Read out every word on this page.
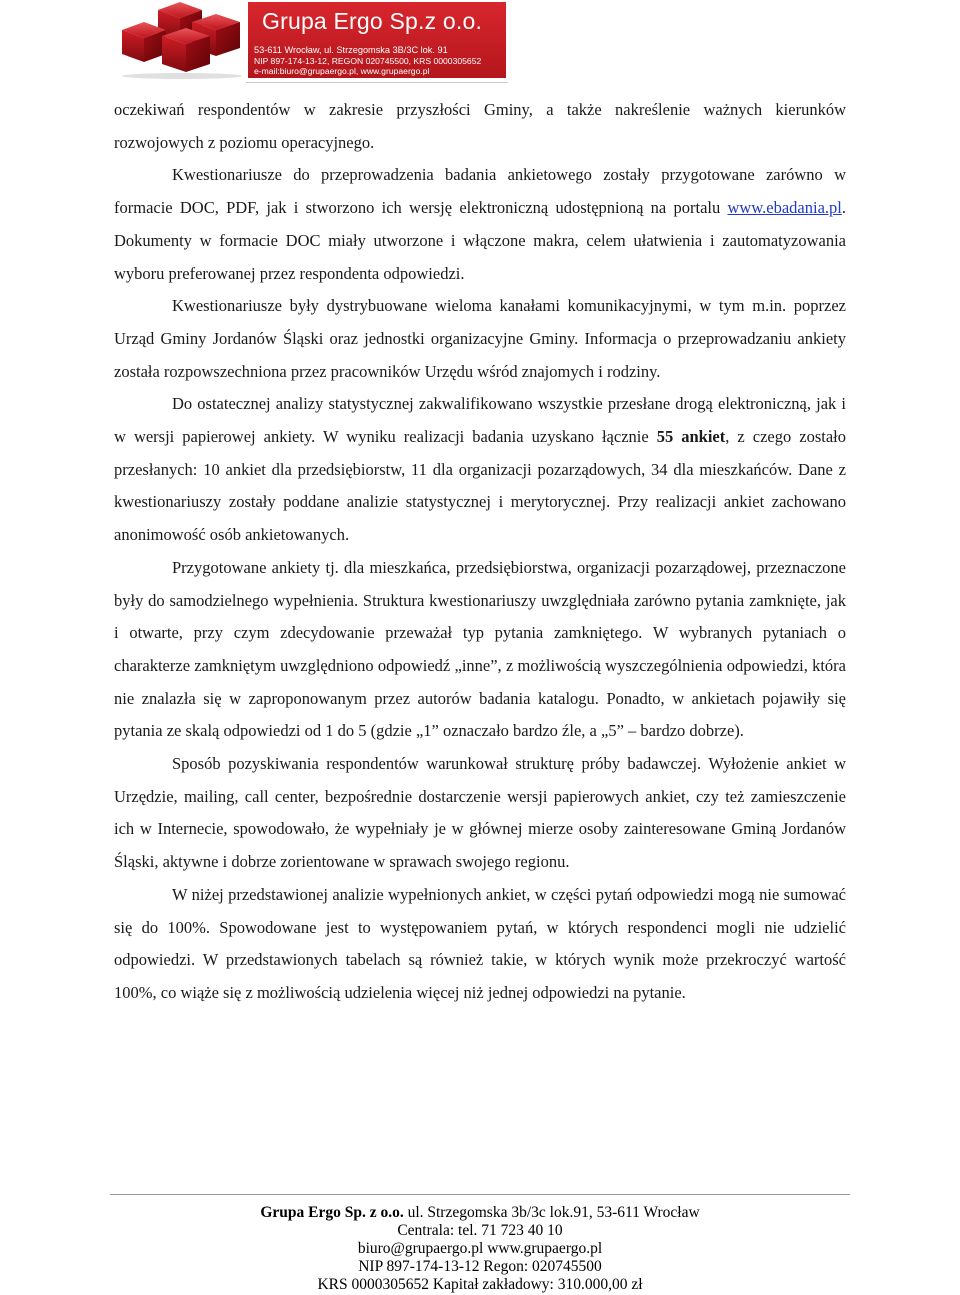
Grupa Ergo Sp.z o.o.
53-611 Wrocław, ul. Strzegomska 3B/3C lok. 91
NIP 897-174-13-12, REGON 020745500, KRS 0000305652
e-mail:biuro@grupaergo.pl, www.grupaergo.pl

oczekiwań respondentów w zakresie przyszłości Gminy, a także nakreślenie ważnych kierunków rozwojowych z poziomu operacyjnego.

Kwestionariusze do przeprowadzenia badania ankietowego zostały przygotowane zarówno w formacie DOC, PDF, jak i stworzono ich wersję elektroniczną udostępnioną na portalu www.ebadania.pl. Dokumenty w formacie DOC miały utworzone i włączone makra, celem ułatwienia i zautomatyzowania wyboru preferowanej przez respondenta odpowiedzi.

Kwestionariusze były dystrybuowane wieloma kanałami komunikacyjnymi, w tym m.in. poprzez Urząd Gminy Jordanów Śląski oraz jednostki organizacyjne Gminy. Informacja o przeprowadzaniu ankiety została rozpowszechniona przez pracowników Urzędu wśród znajomych i rodziny.

Do ostatecznej analizy statystycznej zakwalifikowano wszystkie przesłane drogą elektroniczną, jak i w wersji papierowej ankiety. W wyniku realizacji badania uzyskano łącznie 55 ankiet, z czego zostało przesłanych: 10 ankiet dla przedsiębiorstw, 11 dla organizacji pozarządowych, 34 dla mieszkańców. Dane z kwestionariuszy zostały poddane analizie statystycznej i merytorycznej. Przy realizacji ankiet zachowano anonimowość osób ankietowanych.

Przygotowane ankiety tj. dla mieszkańca, przedsiębiorstwa, organizacji pozarządowej, przeznaczone były do samodzielnego wypełnienia. Struktura kwestionariuszy uwzględniała zarówno pytania zamknięte, jak i otwarte, przy czym zdecydowanie przeważał typ pytania zamkniętego. W wybranych pytaniach o charakterze zamkniętym uwzględniono odpowiedź „inne”, z możliwością wyszczególnienia odpowiedzi, która nie znalazła się w zaproponowanym przez autorów badania katalogu. Ponadto, w ankietach pojawiły się pytania ze skalą odpowiedzi od 1 do 5 (gdzie „1” oznaczało bardzo źle, a „5” – bardzo dobrze).

Sposób pozyskiwania respondentów warunkował strukturę próby badawczej. Wyłożenie ankiet w Urzędzie, mailing, call center, bezpośrednie dostarczenie wersji papierowych ankiet, czy też zamieszczenie ich w Internecie, spowodowało, że wypełniały je w głównej mierze osoby zainteresowane Gminą Jordanów Śląski, aktywne i dobrze zorientowane w sprawach swojego regionu.

W niżej przedstawionej analizie wypełnionych ankiet, w części pytań odpowiedzi mogą nie sumować się do 100%. Spowodowane jest to występowaniem pytań, w których respondenci mogli nie udzielić odpowiedzi. W przedstawionych tabelach są również takie, w których wynik może przekroczyć wartość 100%, co wiąże się z możliwością udzielenia więcej niż jednej odpowiedzi na pytanie.

Grupa Ergo Sp. z o.o. ul. Strzegomska 3b/3c lok.91, 53-611 Wrocław
Centrala: tel. 71 723 40 10
biuro@grupaergo.pl www.grupaergo.pl
NIP 897-174-13-12 Regon: 020745500
KRS 0000305652 Kapitał zakładowy: 310.000,00 zł
